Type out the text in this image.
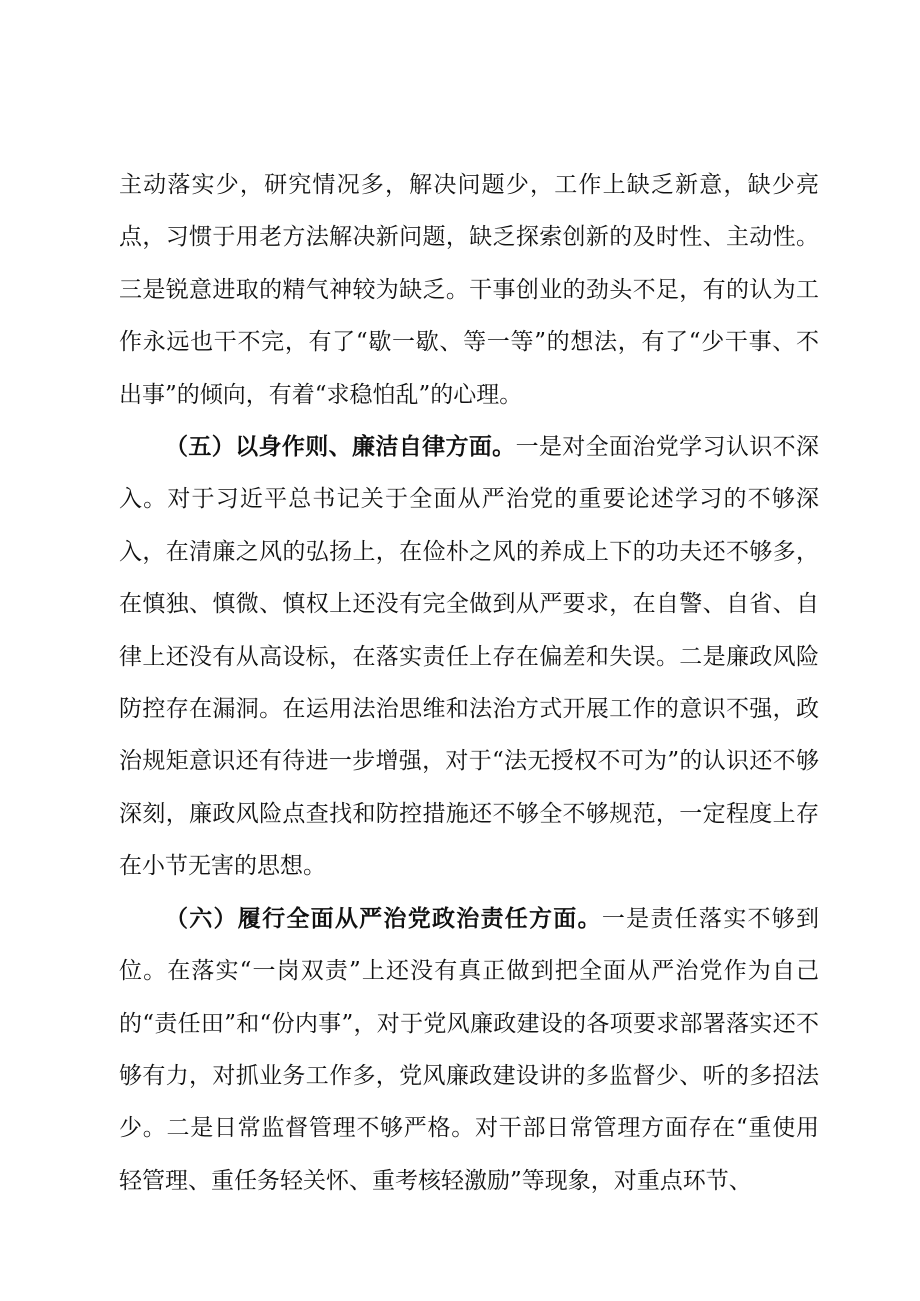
主动落实少，研究情况多，解决问题少，工作上缺乏新意，缺少亮点，习惯于用老方法解决新问题，缺乏探索创新的及时性、主动性。三是锐意进取的精气神较为缺乏。干事创业的劲头不足，有的认为工作永远也干不完，有了“歇一歇、等一等”的想法，有了“少干事、不出事”的倾向，有着“求稳怕乱”的心理。

（五）以身作则、廉洁自律方面。一是对全面治党学习认识不深入。对于习近平总书记关于全面从严治党的重要论述学习的不够深入，在清廉之风的弘扬上，在俭朴之风的养成上下的功夫还不够多，在慎独、慎微、慎权上还没有完全做到从严要求，在自警、自省、自律上还没有从高设标，在落实责任上存在偏差和失误。二是廉政风险防控存在漏洞。在运用法治思维和法治方式开展工作的意识不强，政治规矩意识还有待进一步增强，对于“法无授权不可为”的认识还不够深刻，廉政风险点查找和防控措施还不够全不够规范，一定程度上存在小节无害的思想。

（六）履行全面从严治党政治责任方面。一是责任落实不够到位。在落实“一岗双责”上还没有真正做到把全面从严治党作为自己的“责任田”和“份内事”，对于党风廉政建设的各项要求部署落实还不够有力，对抓业务工作多，党风廉政建设讲的多监督少、听的多招法少。二是日常监督管理不够严格。对干部日常管理方面存在“重使用轻管理、重任务轻关怀、重考核轻激励”等现象，对重点环节、
